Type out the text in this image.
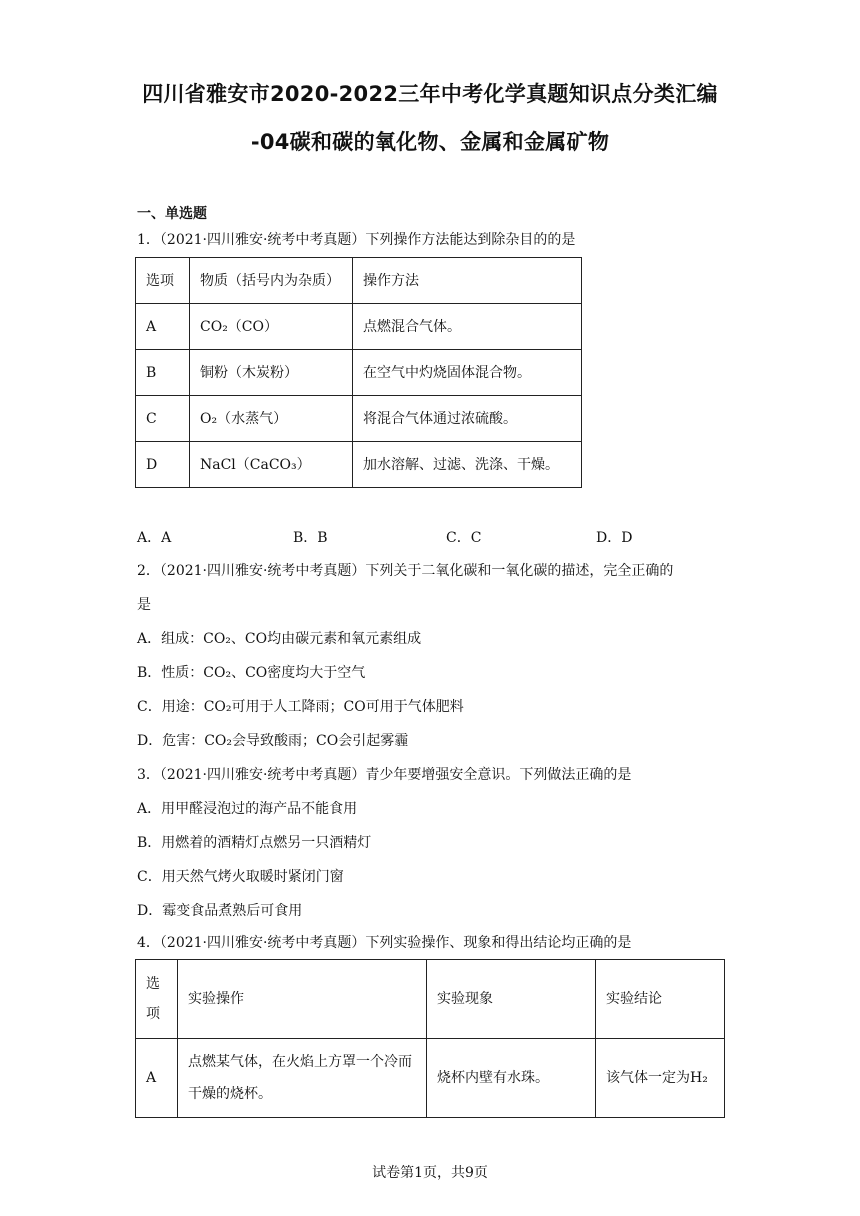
四川省雅安市2020-2022三年中考化学真题知识点分类汇编
-04碳和碳的氧化物、金属和金属矿物
一、单选题
1．（2021·四川雅安·统考中考真题）下列操作方法能达到除杂目的的是
选项	物质（括号内为杂质）	操作方法
A	CO₂（CO）	点燃混合气体。
B	铜粉（木炭粉）	在空气中灼烧固体混合物。
C	O₂（水蒸气）	将混合气体通过浓硫酸。
D	NaCl（CaCO₃）	加水溶解、过滤、洗涤、干燥。
A．A	B．B	C．C	D．D
2．（2021·四川雅安·统考中考真题）下列关于二氧化碳和一氧化碳的描述，完全正确的
是
A．组成：CO₂、CO均由碳元素和氧元素组成
B．性质：CO₂、CO密度均大于空气
C．用途：CO₂可用于人工降雨；CO可用于气体肥料
D．危害：CO₂会导致酸雨；CO会引起雾霾
3．（2021·四川雅安·统考中考真题）青少年要增强安全意识。下列做法正确的是
A．用甲醛浸泡过的海产品不能食用
B．用燃着的酒精灯点燃另一只酒精灯
C．用天然气烤火取暖时紧闭门窗
D．霉变食品煮熟后可食用
4．（2021·四川雅安·统考中考真题）下列实验操作、现象和得出结论均正确的是
选项	实验操作	实验现象	实验结论
A	点燃某气体，在火焰上方罩一个冷而干燥的烧杯。	烧杯内壁有水珠。	该气体一定为H₂
试卷第1页，共9页
